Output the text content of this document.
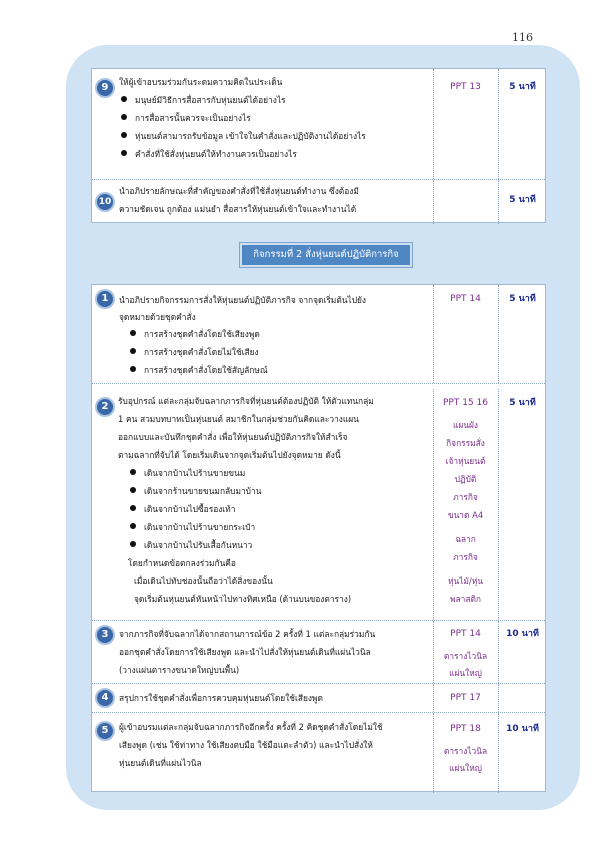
116
9	ให้ผู้เข้าอบรมร่วมกันระดมความคิดในประเด็น
มนุษย์มีวิธีการสื่อสารกับหุ่นยนต์ได้อย่างไร
การสื่อสารนั้นควรจะเป็นอย่างไร
หุ่นยนต์สามารถรับข้อมูล เข้าใจในคำสั่งและปฏิบัติงานได้อย่างไร
คำสั่งที่ใช้สั่งหุ่นยนต์ให้ทำงานควรเป็นอย่างไร
PPT 13	5 นาที
10
นำอภิปรายลักษณะที่สำคัญของคำสั่งที่ใช้สั่งหุ่นยนต์ทำงาน ซึ่งต้องมี
ความชัดเจน ถูกต้อง แม่นยำ สื่อสารให้หุ่นยนต์เข้าใจและทำงานได้
5 นาที
กิจกรรมที่ 2 สั่งหุ่นยนต์ปฏิบัติการกิจ
1	นำอภิปรายกิจกรรมการสั่งให้หุ่นยนต์ปฏิบัติภารกิจ จากจุดเริ่มต้นไปยัง
จุดหมายด้วยชุดคำสั่ง
การสร้างชุดคำสั่งโดยใช้เสียงพูด
การสร้างชุดคำสั่งโดยไม่ใช้เสียง
การสร้างชุดคำสั่งโดยใช้สัญลักษณ์
PPT 14	5 นาที
2	รับอุปกรณ์ แต่ละกลุ่มจับฉลากภารกิจที่หุ่นยนต์ต้องปฏิบัติ ให้ตัวแทนกลุ่ม
1 คน สวมบทบาทเป็นหุ่นยนต์ สมาชิกในกลุ่มช่วยกันคิดและวางแผน
ออกแบบและบันทึกชุดคำสั่ง เพื่อให้หุ่นยนต์ปฏิบัติภารกิจให้สำเร็จ
ตามฉลากที่จับได้ โดยเริ่มเดินจากจุดเริ่มต้นไปยังจุดหมาย ดังนี้
เดินจากบ้านไปร้านขายขนม
เดินจากร้านขายขนมกลับมาบ้าน
เดินจากบ้านไปซื้อรองเท้า
เดินจากบ้านไปร้านขายกระเป๋า
เดินจากบ้านไปรับเสื้อกันหนาว
โดยกำหนดข้อตกลงร่วมกันคือ
เมื่อเดินไปทับช่องนั้นถือว่าได้สิ่งของนั้น
จุดเริ่มต้นหุ่นยนต์หันหน้าไปทางทิศเหนือ (ด้านบนของตาราง)
PPT 15 16
แผนผัง
กิจกรรมสั่ง
เจ้าหุ่นยนต์
ปฏิบัติ
ภารกิจ
ขนาด A4
ฉลาก
ภารกิจ
หุ่นไม้/หุ่น
พลาสติก
5 นาที
3	จากภารกิจที่จับฉลากได้จากสถานการณ์ข้อ 2 ครั้งที่ 1 แต่ละกลุ่มร่วมกัน
ออกชุดคำสั่งโดยการใช้เสียงพูด และนำไปสั่งให้หุ่นยนต์เดินที่แผ่นไวนิล
(วางแผ่นตารางขนาดใหญ่บนพื้น)
PPT 14
ตารางไวนิล
แผ่นใหญ่
10 นาที
4	สรุปการใช้ชุดคำสั่งเพื่อการควบคุมหุ่นยนต์โดยใช้เสียงพูด	PPT 17
5	ผู้เข้าอบรมแต่ละกลุ่มจับฉลากภารกิจอีกครั้ง ครั้งที่ 2 คิดชุดคำสั่งโดยไม่ใช้
เสียงพูด (เช่น ใช้ท่าทาง ใช้เสียงตบมือ ใช้มือแตะลำตัว) และนำไปสั่งให้
หุ่นยนต์เดินที่แผ่นไวนิล
PPT 18
ตารางไวนิล
แผ่นใหญ่
10 นาที
